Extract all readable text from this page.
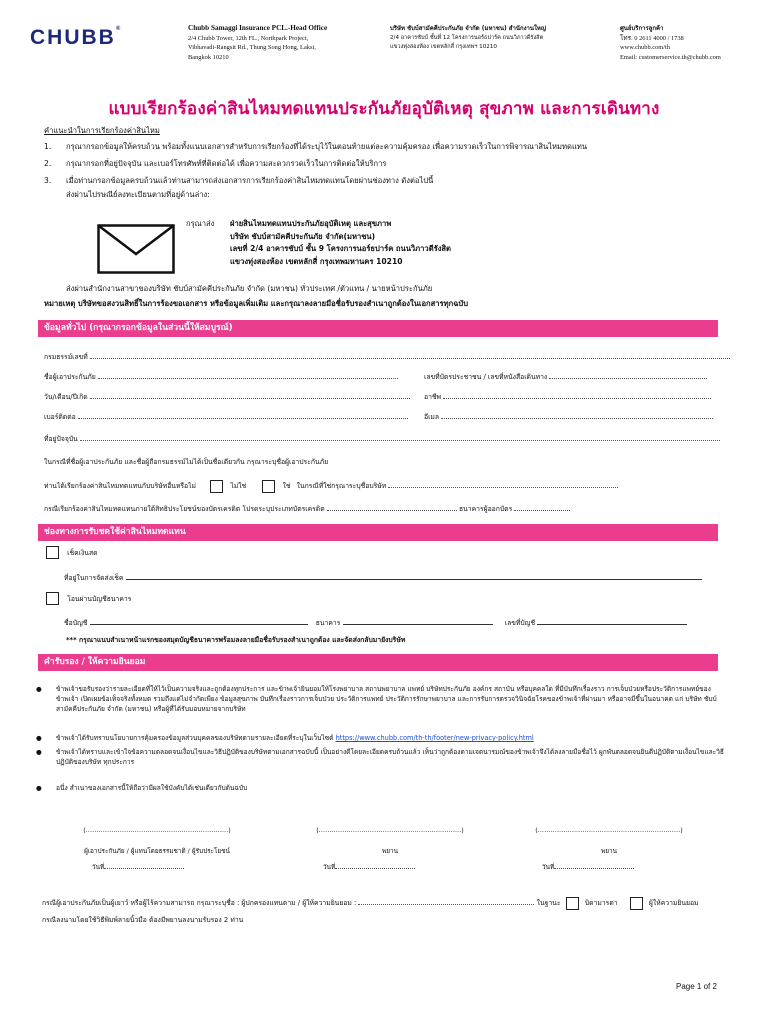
CHUBB®	Chubb Samaggi Insurance PCL.-Head Office
2/4 Chubb Tower, 12th FL., Northpark Project,
Vibhavadi-Rangsit Rd., Thung Song Hong, Laksi,
Bangkok 10210
บริษัท ชับบ์สามัคคีประกันภัย จำกัด (มหาชน) สำนักงานใหญ่
2/4 อาคารชับบ์ ชั้นที่ 12 โครงการนอร์ธปาร์ค ถนนวิภาวดีรังสิต
แขวงทุ่งสองห้อง เขตหลักสี่ กรุงเทพฯ 10210
ศูนย์บริการลูกค้า
โทร. 0 2611 4000 / 1738
www.chubb.com/th
Email: customerservice.th@chubb.com
แบบเรียกร้องค่าสินไหมทดแทนประกันภัยอุบัติเหตุ สุขภาพ และการเดินทาง
คำแนะนำในการเรียกร้องค่าสินไหม
1. กรุณากรอกข้อมูลให้ครบถ้วน พร้อมทั้งแนบเอกสารสำหรับการเรียกร้องที่ได้ระบุไว้ในตอนท้ายแต่ละความคุ้มครอง เพื่อความรวดเร็วในการพิจารณาสินไหมทดแทน
2. กรุณากรอกที่อยู่ปัจจุบัน และเบอร์โทรศัพท์ที่ติดต่อได้ เพื่อความสะดวกรวดเร็วในการติดต่อให้บริการ
3. เมื่อท่านกรอกข้อมูลครบถ้วนแล้วท่านสามารถส่งเอกสารการเรียกร้องค่าสินไหมทดแทนโดยผ่านช่องทาง ดังต่อไปนี้
ส่งผ่านไปรษณีย์ลงทะเบียนตามที่อยู่ด้านล่าง:
กรุณาส่ง ฝ่ายสินไหมทดแทนประกันภัยอุบัติเหตุ และสุขภาพ
บริษัท ชับบ์สามัคคีประกันภัย จำกัด(มหาชน)
เลขที่ 2/4 อาคารชับบ์ ชั้น 9 โครงการนอร์ธปาร์ค ถนนวิภาวดีรังสิต
แขวงทุ่งสองห้อง เขตหลักสี่ กรุงเทพมหานคร 10210
ส่งผ่านสำนักงานสาขาของบริษัท ชับบ์สามัคคีประกันภัย จำกัด (มหาชน) ทั่วประเทศ /ตัวแทน / นายหน้าประกันภัย
หมายเหตุ บริษัทขอสงวนสิทธิ์ในการร้องขอเอกสาร หรือข้อมูลเพิ่มเติม และกรุณาลงลายมือชื่อรับรองสำเนาถูกต้องในเอกสารทุกฉบับ
ข้อมูลทั่วไป (กรุณากรอกข้อมูลในส่วนนี้ให้สมบูรณ์)
กรมธรรม์เลขที่
ชื่อผู้เอาประกันภัย	เลขที่บัตรประชาชน / เลขที่หนังสือเดินทาง
วัน/เดือน/ปีเกิด	อาชีพ
เบอร์ติดต่อ	อีเมล
ที่อยู่ปัจจุบัน
ในกรณีที่ชื่อผู้เอาประกันภัย และชื่อผู้ถือกรมธรรม์ไม่ได้เป็นชื่อเดียวกัน กรุณาระบุชื่อผู้เอาประกันภัย
ท่านได้เรียกร้องค่าสินไหมทดแทนกับบริษัทอื่นหรือไม่	ไม่ใช่	ใช่ ในกรณีที่ใช่กรุณาระบุชื่อบริษัท
กรณีเรียกร้องค่าสินไหมทดแทนภายใต้สิทธิประโยชน์ของบัตรเครดิต โปรดระบุประเภทบัตรเครดิต	ธนาคารผู้ออกบัตร
ช่องทางการรับชดใช้ค่าสินไหมทดแทน
เช็คเงินสด
ที่อยู่ในการจัดส่งเช็ค
โอนผ่านบัญชีธนาคาร
ชื่อบัญชี	ธนาคาร	เลขที่บัญชี
*** กรุณาแนบสำเนาหน้าแรกของสมุดบัญชีธนาคารพร้อมลงลายมือชื่อรับรองสำเนาถูกต้อง และจัดส่งกลับมายังบริษัท
คำรับรอง / ให้ความยินยอม
● ข้าพเจ้าขอรับรองว่ารายละเอียดที่ให้ไว้เป็นความจริงและถูกต้องทุกประการ และข้าพเจ้ายินยอมให้โรงพยาบาล สถานพยาบาล แพทย์ บริษัทประกันภัย องค์กร สถาบัน หรือบุคคลใด ที่มีบันทึกเรื่องราว การเจ็บป่วยหรือประวัติการแพทย์ของข้าพเจ้า เปิดเผยข้อเท็จจริงทั้งหมด รวมถึงแต่ไม่จำกัดเพียง ข้อมูลสุขภาพ บันทึกเรื่องราวการเจ็บป่วย ประวัติการแพทย์ ประวัติการรักษาพยาบาล และการรับการตรวจวินิจฉัยโรคของข้าพเจ้าที่ผ่านมา หรืออาจมีขึ้นในอนาคต แก่ บริษัท ชับบ์สามัคคีประกันภัย จำกัด (มหาชน) หรือผู้ที่ได้รับมอบหมายจากบริษัท
● ข้าพเจ้าได้รับทราบนโยบายการคุ้มครองข้อมูลส่วนบุคคลของบริษัทตามรายละเอียดที่ระบุในเว็บไซต์ https://www.chubb.com/th-th/footer/new-privacy-policy.html
● ข้าพเจ้าได้ทราบและเข้าใจข้อความตลอดจนเงื่อนไขและวิธีปฏิบัติของบริษัทตามเอกสารฉบับนี้ เป็นอย่างดีโดยละเอียดครบถ้วนแล้ว เห็นว่าถูกต้องตามเจตนารมณ์ของข้าพเจ้าจึงได้ลงลายมือชื่อไว้ ผูกพันตลอดจนยินดีปฏิบัติตามเงื่อนไขและวิธีปฏิบัติของบริษัท ทุกประการ
● อนึ่ง สำเนาของเอกสารนี้ให้ถือว่ามีผลใช้บังคับได้เช่นเดียวกับต้นฉบับ
(……………………………………………….…………)
ผู้เอาประกันภัย / ผู้แทนโดยธรรมชาติ / ผู้รับประโยชน์
วันที่
(……………………………………………….…………)
พยาน
วันที่
(……………………………………………….…………)
พยาน
วันที่
กรณีผู้เอาประกันภัยเป็นผู้เยาว์ หรือผู้ไร้ความสามารถ กรุณาระบุชื่อ : ผู้ปกครองแทนตาม / ผู้ให้ความยินยอม :	ในฐานะ	บิดามารดา	ผู้ให้ความยินยอม
กรณีลงนามโดยใช้วิธีพิมพ์ลายนิ้วมือ ต้องมีพยานลงนามรับรอง 2 ท่าน
Page 1 of 2
